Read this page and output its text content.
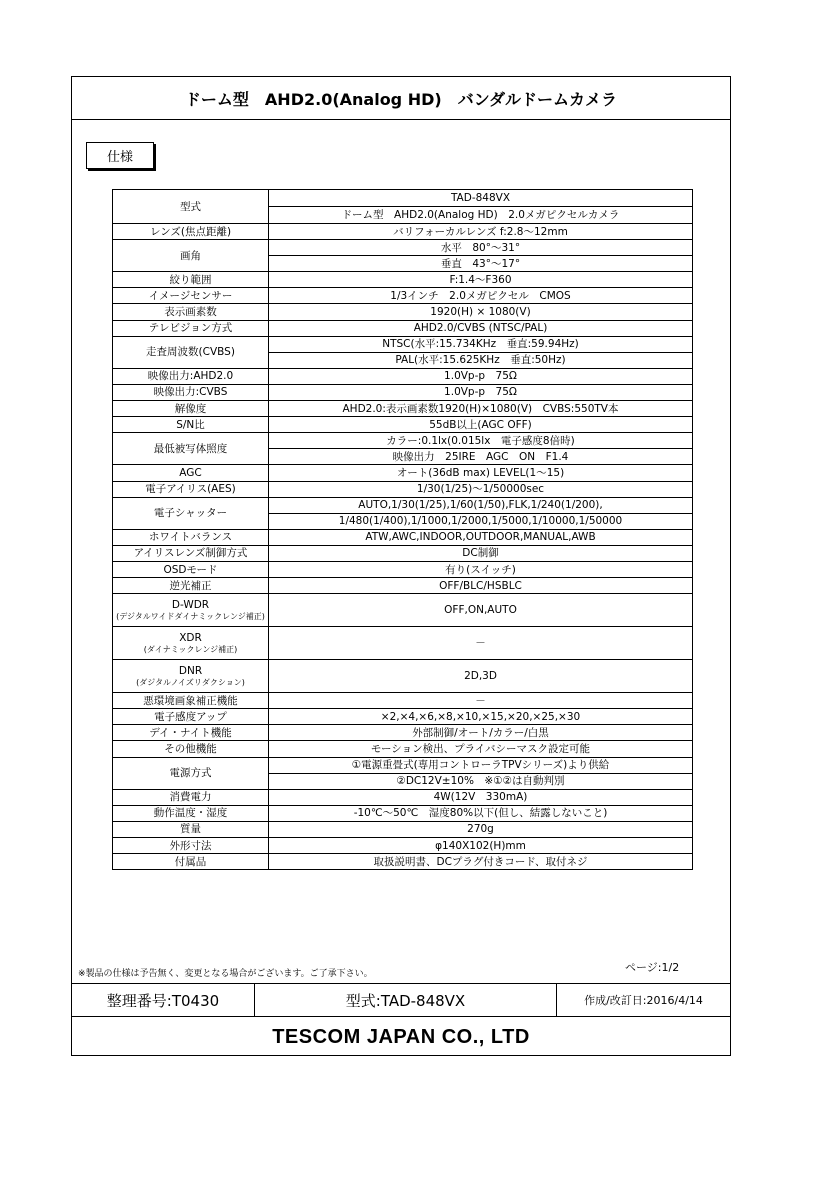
ドーム型　AHD2.0(Analog HD)　バンダルドームカメラ
仕様
型式	TAD-848VX
	ドーム型　AHD2.0(Analog HD)　2.0メガピクセルカメラ
レンズ(焦点距離)	バリフォーカルレンズ f:2.8～12mm
画角	水平　80°～31°
	垂直　43°～17°
絞り範囲	F:1.4～F360
イメージセンサー	1/3インチ　2.0メガピクセル　CMOS
表示画素数	1920(H) × 1080(V)
テレビジョン方式	AHD2.0/CVBS (NTSC/PAL)
走査周波数(CVBS)	NTSC(水平:15.734KHz　垂直:59.94Hz)
	PAL(水平:15.625KHz　垂直:50Hz)
映像出力:AHD2.0	1.0Vp-p　75Ω
映像出力:CVBS	1.0Vp-p　75Ω
解像度	AHD2.0:表示画素数1920(H)×1080(V)　CVBS:550TV本
S/N比	55dB以上(AGC OFF)
最低被写体照度	カラー:0.1lx(0.015lx　電子感度8倍時)
	映像出力　25IRE　AGC　ON　F1.4
AGC	オート(36dB max) LEVEL(1～15)
電子アイリス(AES)	1/30(1/25)～1/50000sec
電子シャッター	AUTO,1/30(1/25),1/60(1/50),FLK,1/240(1/200),
	1/480(1/400),1/1000,1/2000,1/5000,1/10000,1/50000
ホワイトバランス	ATW,AWC,INDOOR,OUTDOOR,MANUAL,AWB
アイリスレンズ制御方式	DC制御
OSDモード	有り(スイッチ)
逆光補正	OFF/BLC/HSBLC
D-WDR
(デジタルワイドダイナミックレンジ補正)	OFF,ON,AUTO
XDR
(ダイナミックレンジ補正)	－
DNR
(ダジタルノイズリダクション)	2D,3D
悪環境画象補正機能	－
電子感度アップ	×2,×4,×6,×8,×10,×15,×20,×25,×30
デイ・ナイト機能	外部制御/オート/カラー/白黒
その他機能	モーション検出、プライバシーマスク設定可能
電源方式	①電源重畳式(専用コントローラTPVシリーズ)より供給
	②DC12V±10%　※①②は自動判別
消費電力	4W(12V　330mA)
動作温度・湿度	-10℃～50℃　湿度80%以下(但し、結露しないこと)
質量	270g
外形寸法	φ140X102(H)mm
付属品	取扱説明書、DCプラグ付きコード、取付ネジ
※製品の仕様は予告無く、変更となる場合がございます。ご了承下さい。	ページ:1/2
整理番号:T0430	型式:TAD-848VX	作成/改訂日:2016/4/14
TESCOM JAPAN CO., LTD
